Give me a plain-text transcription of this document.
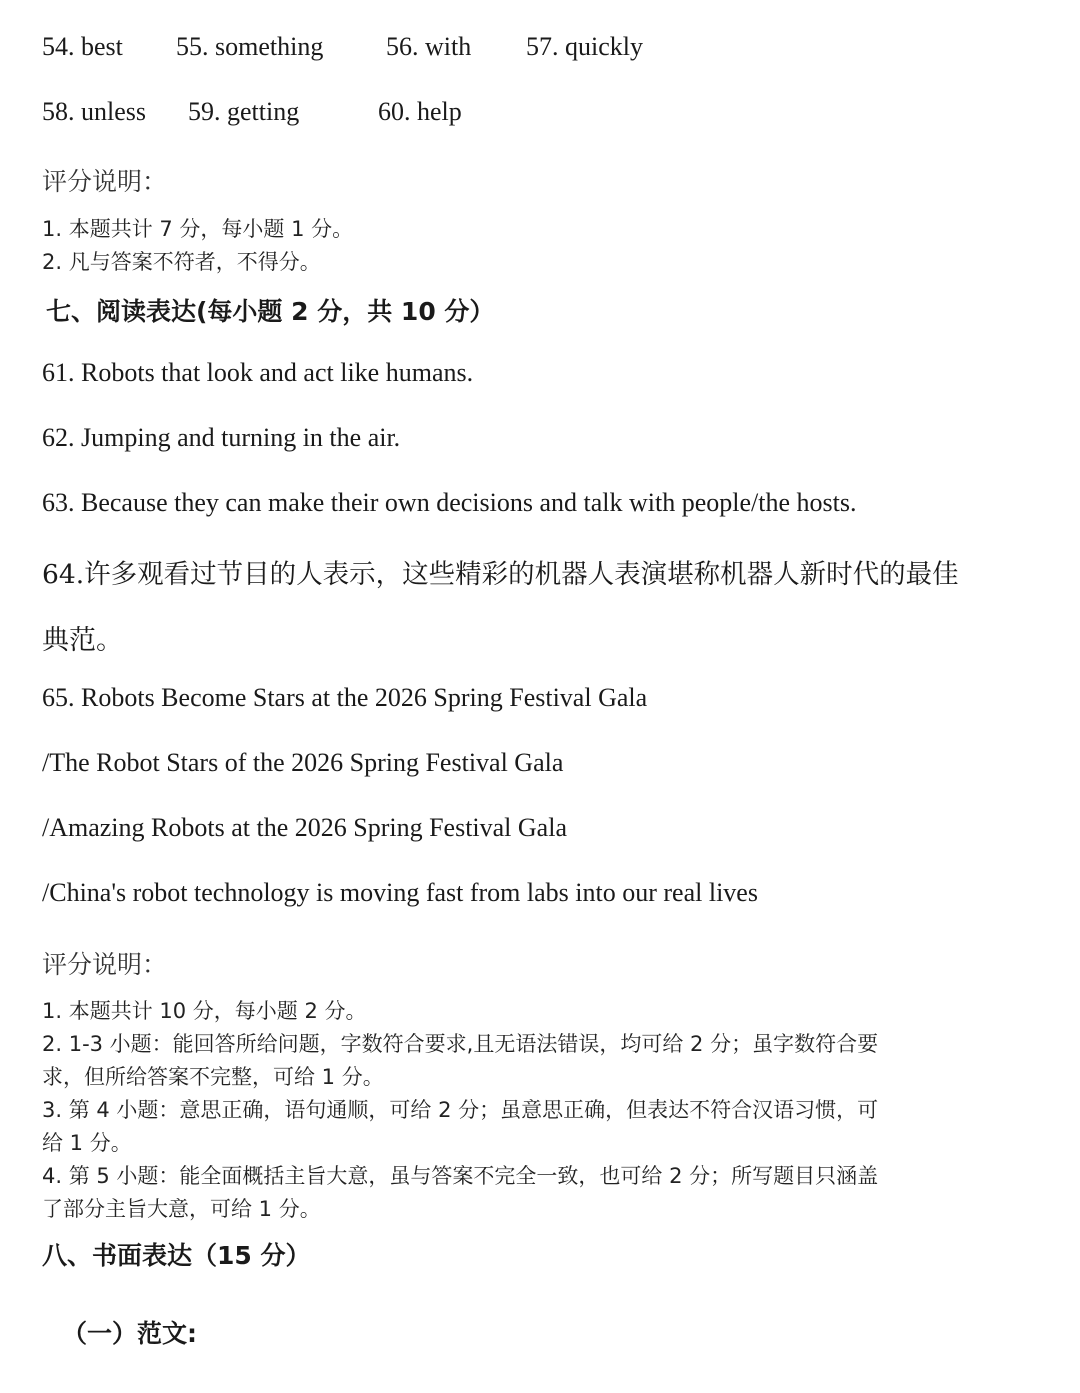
54. best 55. something 56. with 57. quickly
58. unless 59. getting	60. help
评分说明：
1. 本题共计 7 分，每小题 1 分。
2. 凡与答案不符者，不得分。
七、阅读表达(每小题 2 分，共 10 分）
61. Robots that look and act like humans.
62. Jumping and turning in the air.
63. Because they can make their own decisions and talk with people/the hosts.
64.许多观看过节目的人表示，这些精彩的机器人表演堪称机器人新时代的最佳
典范。
65. Robots Become Stars at the 2026 Spring Festival Gala
/The Robot Stars of the 2026 Spring Festival Gala
/Amazing Robots at the 2026 Spring Festival Gala
/China's robot technology is moving fast from labs into our real lives
评分说明：
1. 本题共计 10 分，每小题 2 分。
2. 1-3 小题：能回答所给问题，字数符合要求,且无语法错误，均可给 2 分；虽字数符合要
求，但所给答案不完整，可给 1 分。
3. 第 4 小题：意思正确，语句通顺，可给 2 分；虽意思正确，但表达不符合汉语习惯，可
给 1 分。
4. 第 5 小题：能全面概括主旨大意，虽与答案不完全一致，也可给 2 分；所写题目只涵盖
了部分主旨大意，可给 1 分。
八、书面表达（15 分）
（一）范文:
